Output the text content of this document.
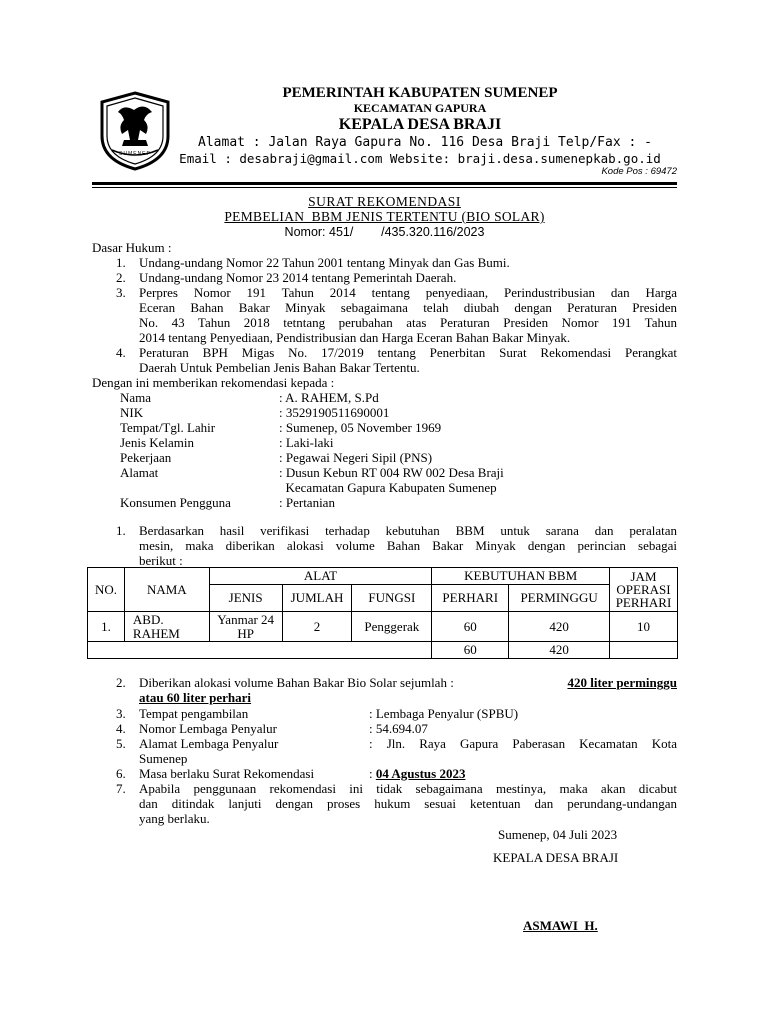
SUMENEP
PEMERINTAH KABUPATEN SUMENEP
KECAMATAN GAPURA
KEPALA DESA BRAJI
Alamat : Jalan Raya Gapura No. 116 Desa Braji Telp/Fax : -
Email : desabraji@gmail.com Website: braji.desa.sumenepkab.go.id
Kode Pos : 69472
SURAT REKOMENDASI
PEMBELIAN  BBM JENIS TERTENTU (BIO SOLAR)
Nomor: 451/        /435.320.116/2023
Dasar Hukum :
1. Undang-undang Nomor 22 Tahun 2001 tentang Minyak dan Gas Bumi.
2. Undang-undang Nomor 23 2014 tentang Pemerintah Daerah.
3. Perpres Nomor 191 Tahun 2014 tentang penyediaan, Perindustribusian dan Harga
Eceran Bahan Bakar Minyak sebagaimana telah diubah dengan Peraturan Presiden
No. 43 Tahun 2018 tetntang perubahan atas Peraturan Presiden Nomor 191 Tahun
2014 tentang Penyediaan, Pendistribusian dan Harga Eceran Bahan Bakar Minyak.
4. Peraturan BPH Migas No. 17/2019 tentang Penerbitan Surat Rekomendasi Perangkat
Daerah Untuk Pembelian Jenis Bahan Bakar Tertentu.
Dengan ini memberikan rekomendasi kepada :
Nama	: A. RAHEM, S.Pd
NIK	: 3529190511690001
Tempat/Tgl. Lahir	: Sumenep, 05 November 1969
Jenis Kelamin	: Laki-laki
Pekerjaan	: Pegawai Negeri Sipil (PNS)
Alamat	: Dusun Kebun RT 004 RW 002 Desa Braji
Kecamatan Gapura Kabupaten Sumenep
Konsumen Pengguna	: Pertanian
1. Berdasarkan hasil verifikasi terhadap kebutuhan BBM untuk sarana dan peralatan
mesin, maka diberikan alokasi volume Bahan Bakar Minyak dengan perincian sebagai
berikut :
NO.	NAMA	ALAT			KEBUTUHAN BBM		JAM OPERASI PERHARI
		JENIS	JUMLAH	FUNGSI	PERHARI	PERMINGGU	
1.	ABD. RAHEM	Yanmar 24 HP	2	Penggerak	60	420	10
					60	420	
2. Diberikan alokasi volume Bahan Bakar Bio Solar sejumlah :	420 liter perminggu
atau 60 liter perhari
3. Tempat pengambilan	: Lembaga Penyalur (SPBU)
4. Nomor Lembaga Penyalur	: 54.694.07
5. Alamat Lembaga Penyalur	: Jln. Raya Gapura Paberasan Kecamatan Kota
Sumenep
6. Masa berlaku Surat Rekomendasi	: 04 Agustus 2023
7. Apabila penggunaan rekomendasi ini tidak sebagaimana mestinya, maka akan dicabut
dan ditindak lanjuti dengan proses hukum sesuai ketentuan dan perundang-undangan
yang berlaku.
Sumenep, 04 Juli 2023
KEPALA DESA BRAJI
ASMAWI  H.
